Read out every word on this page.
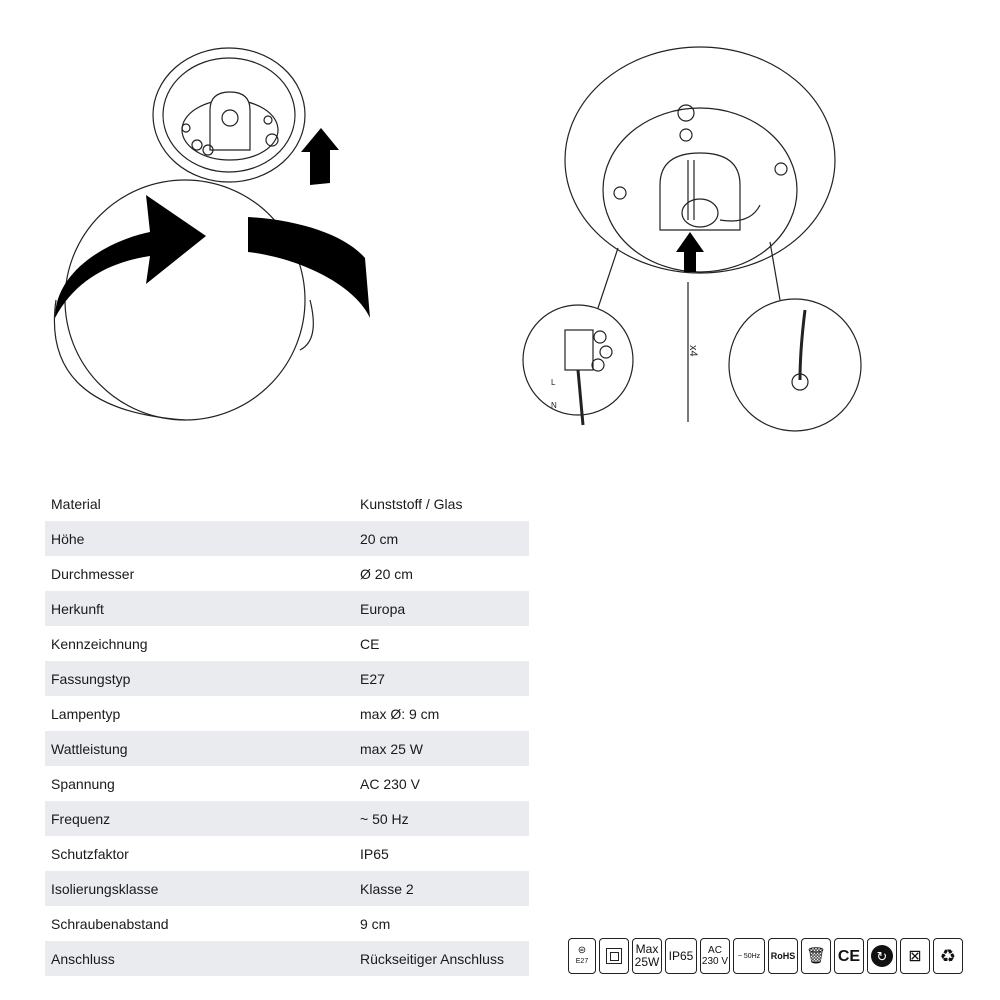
x4
L
N
Material	Kunststoff / Glas
Höhe	20 cm
Durchmesser	Ø 20 cm
Herkunft	Europa
Kennzeichnung	CE
Fassungstyp	E27
Lampentyp	max Ø: 9 cm
Wattleistung	max 25 W
Spannung	AC 230 V
Frequenz	~ 50 Hz
Schutzfaktor	IP65
Isolierungsklasse	Klasse 2
Schraubenabstand	9 cm
Anschluss	Rückseitiger Anschluss	⊜
E27
Max
25W IP65 AC
230 V ~ 50Hz RoHS 🗑 CE	↻	⊠ ♻
